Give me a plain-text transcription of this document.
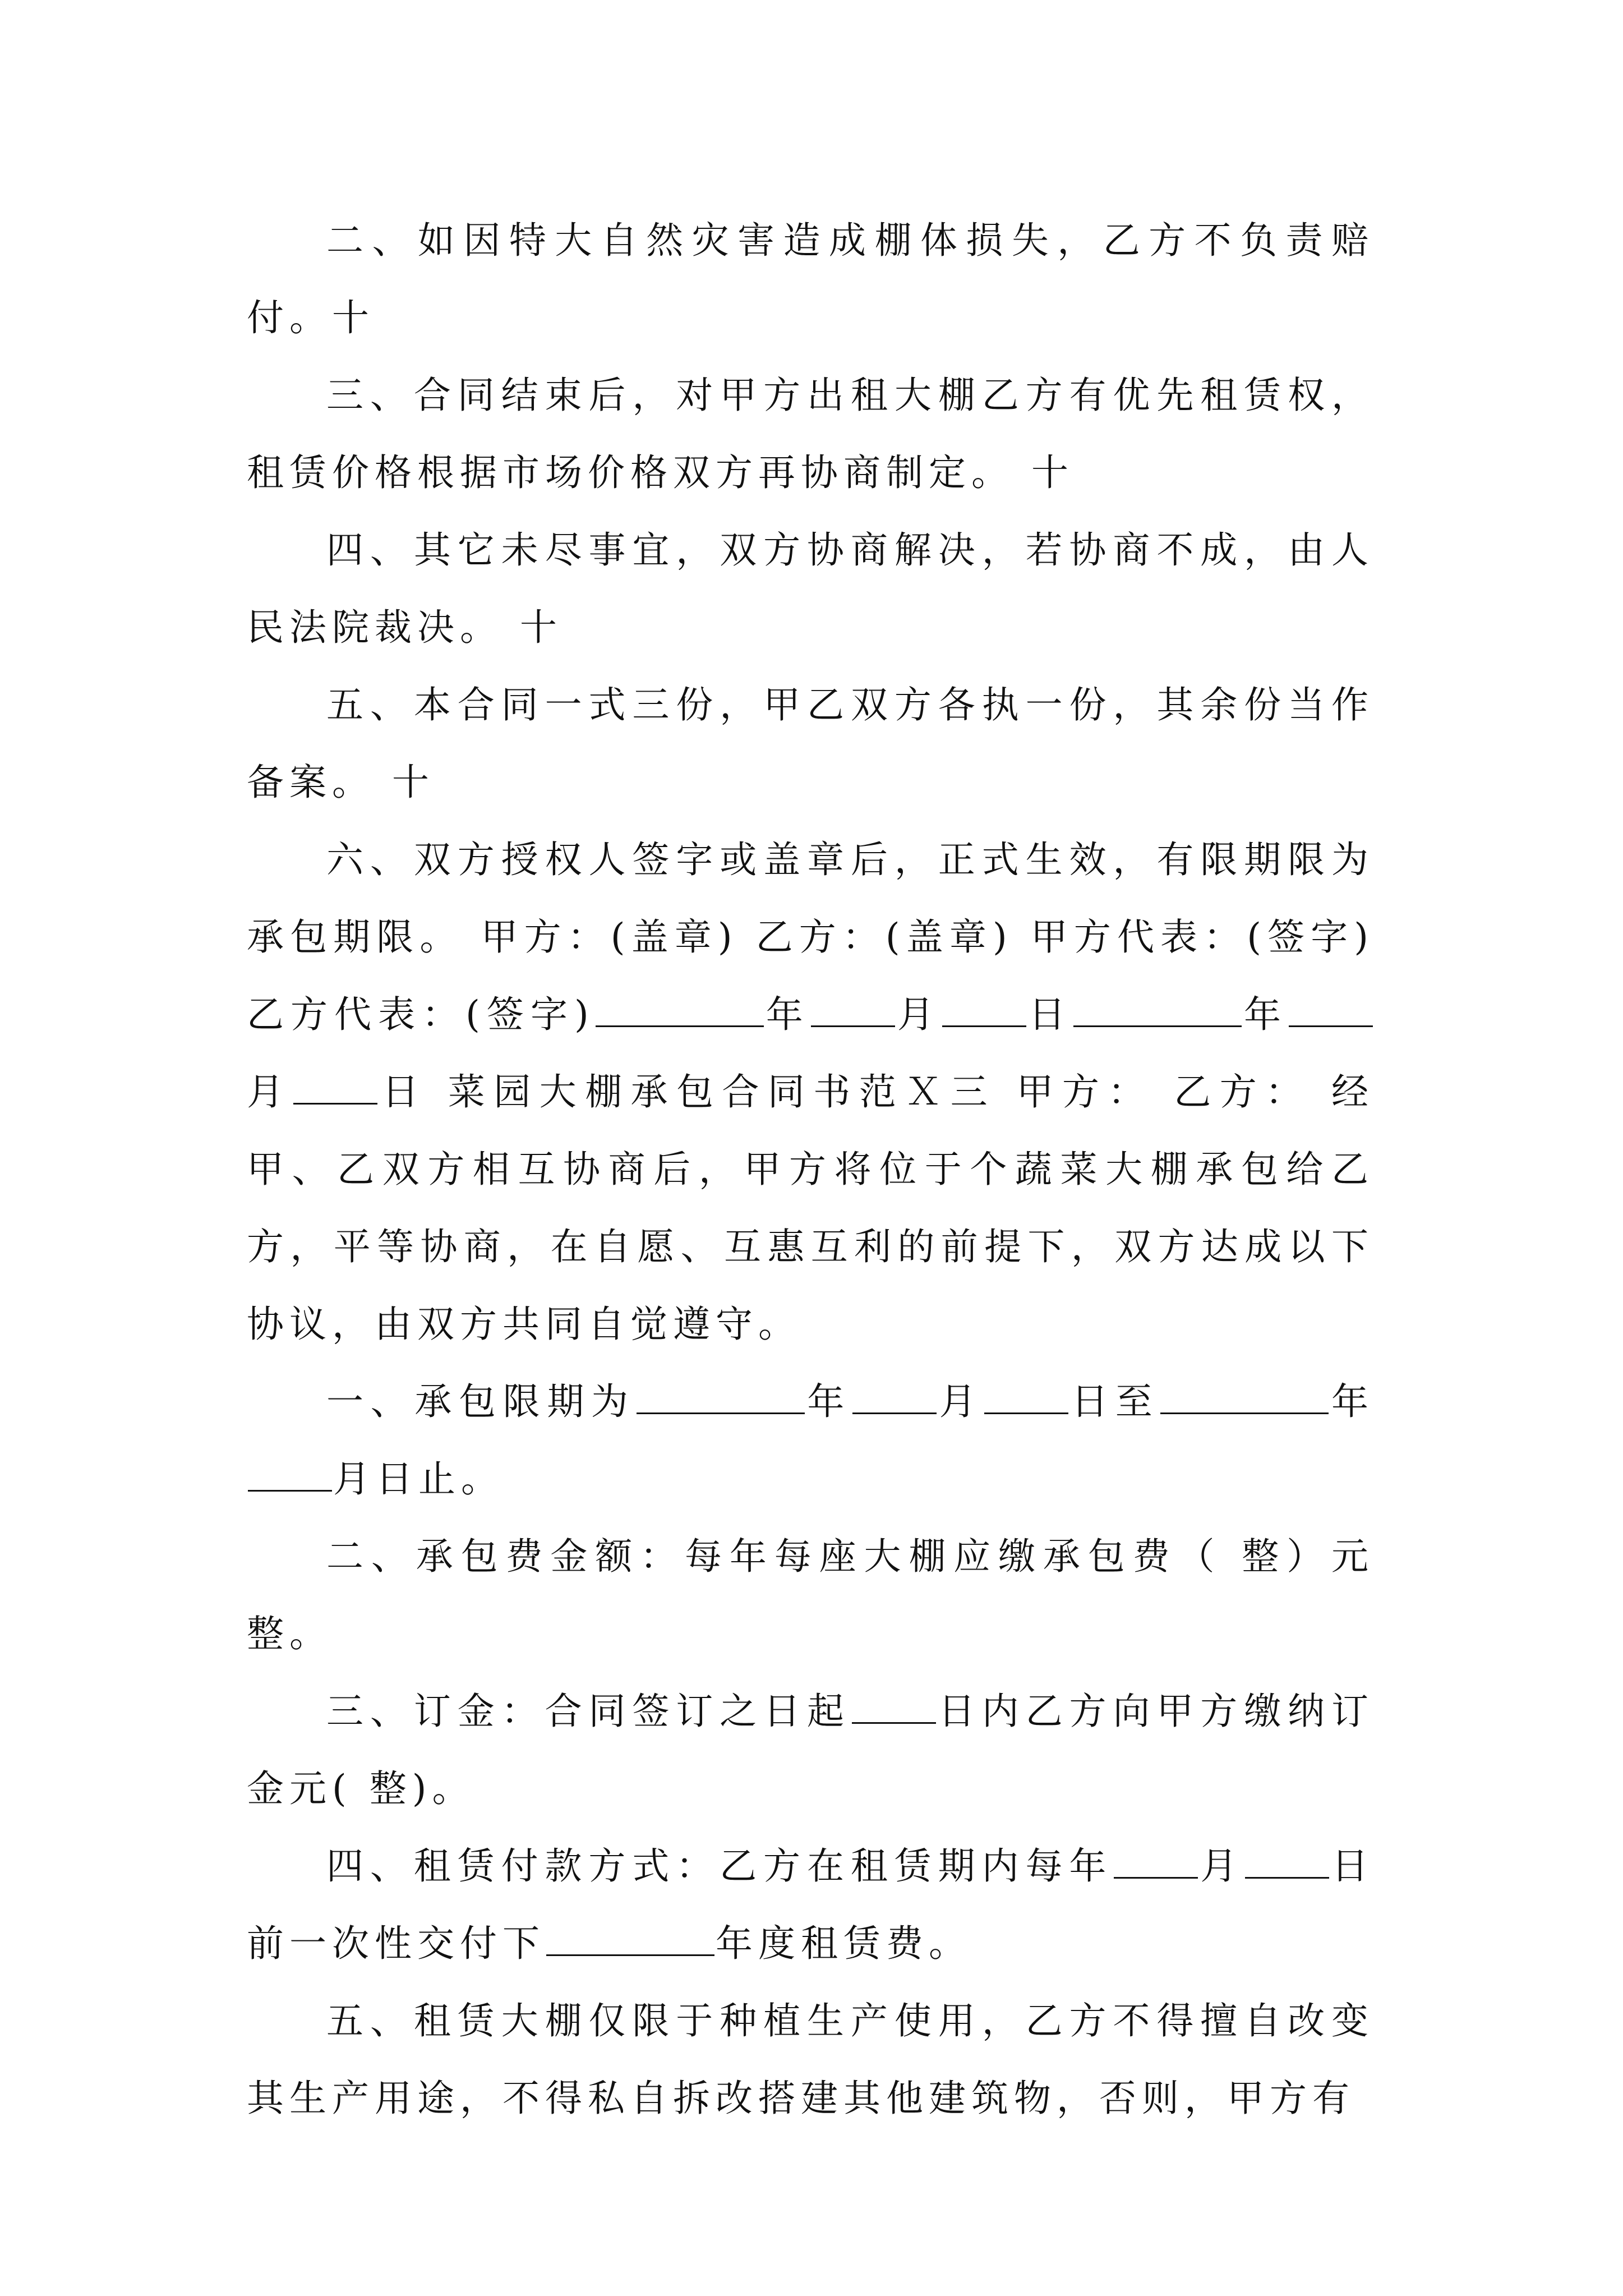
二、如因特大自然灾害造成棚体损失，乙方不负责赔付。十

三、合同结束后，对甲方出租大棚乙方有优先租赁权，租赁价格根据市场价格双方再协商制定。 十

四、其它未尽事宜，双方协商解决，若协商不成，由人民法院裁决。 十

五、本合同一式三份，甲乙双方各执一份，其余份当作备案。 十

六、双方授权人签字或盖章后，正式生效，有限期限为承包期限。 甲方：(盖章) 乙方：(盖章) 甲方代表：(签字) 乙方代表：(签字)	年 月 日	年月 日 菜园大棚承包合同书范Ｘ三 甲方： 乙方： 经甲、乙双方相互协商后，甲方将位于个蔬菜大棚承包给乙方，平等协商，在自愿、互惠互利的前提下，双方达成以下协议，由双方共同自觉遵守。

一、承包限期为	年 月 日至	年月日止。

二、承包费金额：每年每座大棚应缴承包费（ 整）元整。

三、订金：合同签订之日起 日内乙方向甲方缴纳订金元( 整)。

四、租赁付款方式：乙方在租赁期内每年 月 日前一次性交付下	年度租赁费。

五、租赁大棚仅限于种植生产使用，乙方不得擅自改变其生产用途，不得私自拆改搭建其他建筑物，否则，甲方有
